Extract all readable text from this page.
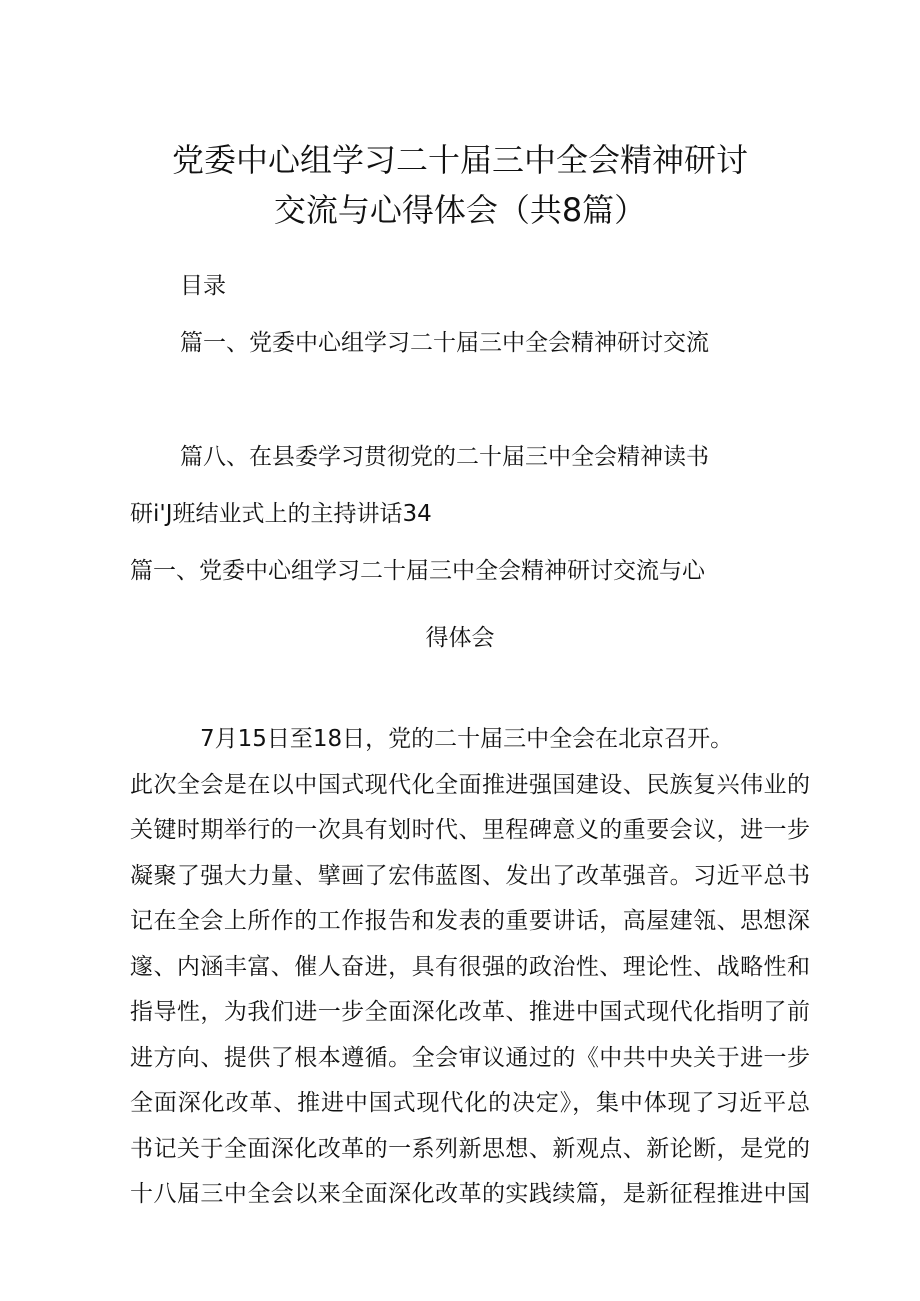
党委中心组学习二十届三中全会精神研讨
交流与心得体会（共8篇）
目录
篇一、党委中心组学习二十届三中全会精神研讨交流
篇八、在县委学习贯彻党的二十届三中全会精神读书
研i'J班结业式上的主持讲话34
篇一、党委中心组学习二十届三中全会精神研讨交流与心
得体会
7月15日至18日，党的二十届三中全会在北京召开。
此次全会是在以中国式现代化全面推进强国建设、民族复兴伟业的
关键时期举行的一次具有划时代、里程碑意义的重要会议，进一步
凝聚了强大力量、擘画了宏伟蓝图、发出了改革强音。习近平总书
记在全会上所作的工作报告和发表的重要讲话，高屋建瓴、思想深
邃、内涵丰富、催人奋进，具有很强的政治性、理论性、战略性和
指导性，为我们进一步全面深化改革、推进中国式现代化指明了前
进方向、提供了根本遵循。全会审议通过的《中共中央关于进一步
全面深化改革、推进中国式现代化的决定》，集中体现了习近平总
书记关于全面深化改革的一系列新思想、新观点、新论断，是党的
十八届三中全会以来全面深化改革的实践续篇，是新征程推进中国
